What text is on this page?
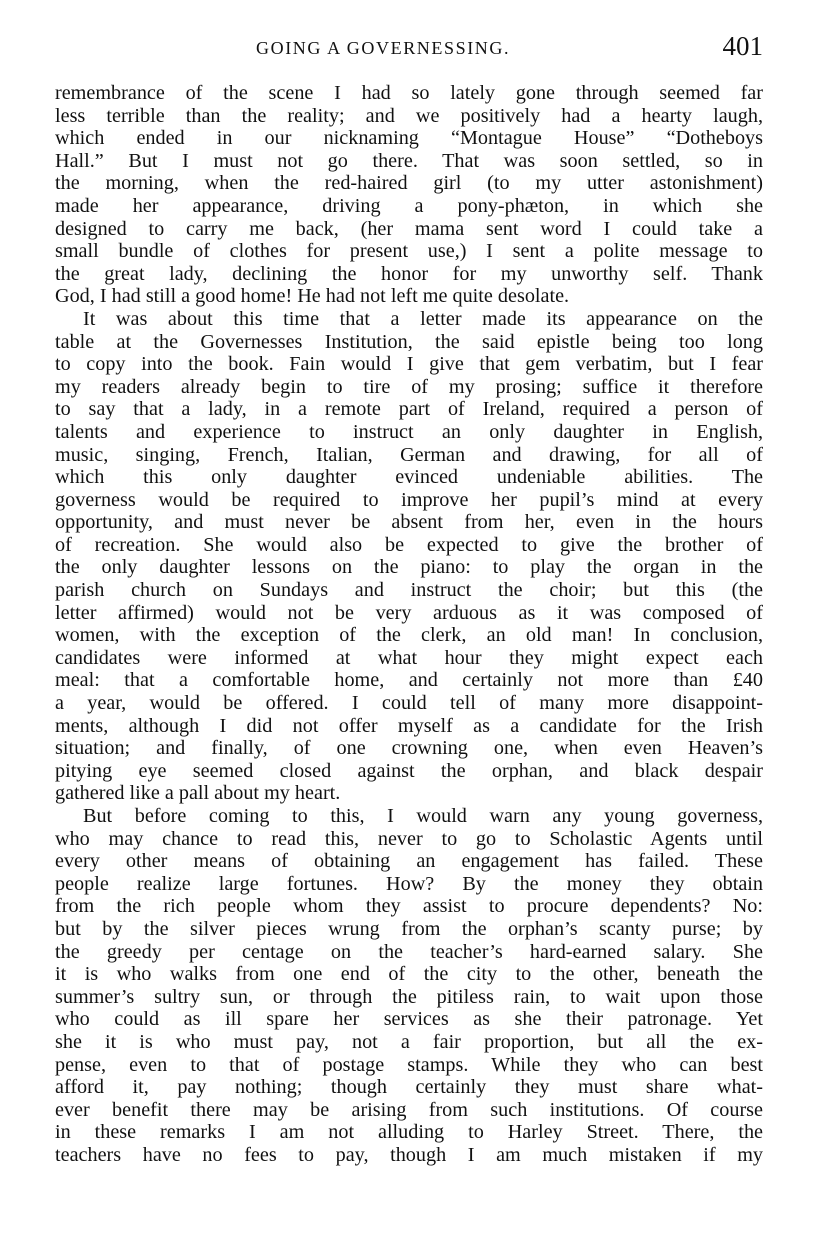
GOING A GOVERNESSING.	401
remembrance of the scene I had so lately gone through seemed far
less terrible than the reality; and we positively had a hearty laugh,
which ended in our nicknaming “Montague House” “Dotheboys
Hall.” But I must not go there. That was soon settled, so in
the morning, when the red-haired girl (to my utter astonishment)
made her appearance, driving a pony-phæton, in which she
designed to carry me back, (her mama sent word I could take a
small bundle of clothes for present use,) I sent a polite message to
the great lady, declining the honor for my unworthy self. Thank
God, I had still a good home! He had not left me quite desolate.
It was about this time that a letter made its appearance on the
table at the Governesses Institution, the said epistle being too long
to copy into the book. Fain would I give that gem verbatim, but I fear
my readers already begin to tire of my prosing; suffice it therefore
to say that a lady, in a remote part of Ireland, required a person of
talents and experience to instruct an only daughter in English,
music, singing, French, Italian, German and drawing, for all of
which this only daughter evinced undeniable abilities. The
governess would be required to improve her pupil’s mind at every
opportunity, and must never be absent from her, even in the hours
of recreation. She would also be expected to give the brother of
the only daughter lessons on the piano: to play the organ in the
parish church on Sundays and instruct the choir; but this (the
letter affirmed) would not be very arduous as it was composed of
women, with the exception of the clerk, an old man! In conclusion,
candidates were informed at what hour they might expect each
meal: that a comfortable home, and certainly not more than £40
a year, would be offered. I could tell of many more disappoint-
ments, although I did not offer myself as a candidate for the Irish
situation; and finally, of one crowning one, when even Heaven’s
pitying eye seemed closed against the orphan, and black despair
gathered like a pall about my heart.
But before coming to this, I would warn any young governess,
who may chance to read this, never to go to Scholastic Agents until
every other means of obtaining an engagement has failed. These
people realize large fortunes. How? By the money they obtain
from the rich people whom they assist to procure dependents? No:
but by the silver pieces wrung from the orphan’s scanty purse; by
the greedy per centage on the teacher’s hard-earned salary. She
it is who walks from one end of the city to the other, beneath the
summer’s sultry sun, or through the pitiless rain, to wait upon those
who could as ill spare her services as she their patronage. Yet
she it is who must pay, not a fair proportion, but all the ex-
pense, even to that of postage stamps. While they who can best
afford it, pay nothing; though certainly they must share what-
ever benefit there may be arising from such institutions. Of course
in these remarks I am not alluding to Harley Street. There, the
teachers have no fees to pay, though I am much mistaken if my
